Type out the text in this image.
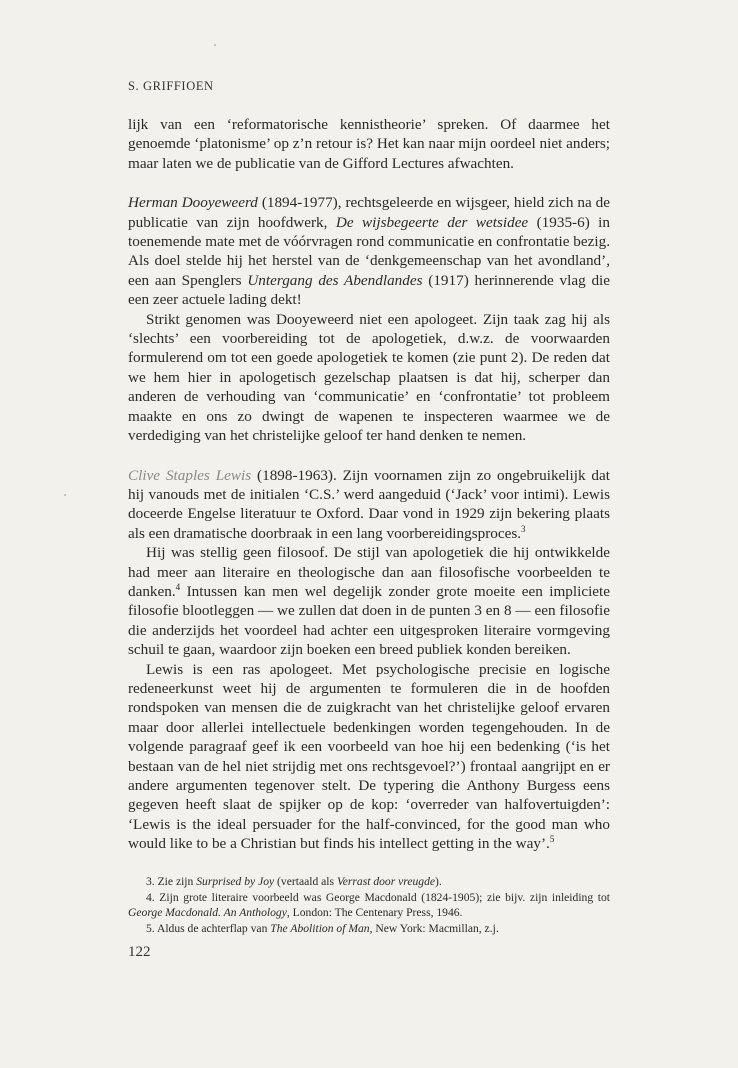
S. GRIFFIOEN

lijk van een ‘reformatorische kennistheorie’ spreken. Of daarmee het genoemde ‘platonisme’ op z’n retour is? Het kan naar mijn oordeel niet anders; maar laten we de publicatie van de Gifford Lectures afwachten.

Herman Dooyeweerd (1894-1977), rechtsgeleerde en wijsgeer, hield zich na de publicatie van zijn hoofdwerk, De wijsbegeerte der wetsidee (1935-6) in toenemende mate met de vóórvragen rond communicatie en confrontatie bezig. Als doel stelde hij het herstel van de ‘denkgemeenschap van het avondland’, een aan Spenglers Untergang des Abendlandes (1917) herinnerende vlag die een zeer actuele lading dekt!

Strikt genomen was Dooyeweerd niet een apologeet. Zijn taak zag hij als ‘slechts’ een voorbereiding tot de apologetiek, d.w.z. de voorwaarden formulerend om tot een goede apologetiek te komen (zie punt 2). De reden dat we hem hier in apologetisch gezelschap plaatsen is dat hij, scherper dan anderen de verhouding van ‘communicatie’ en ‘confrontatie’ tot probleem maakte en ons zo dwingt de wapenen te inspecteren waarmee we de verdediging van het christelijke geloof ter hand denken te nemen.

Clive Staples Lewis (1898-1963). Zijn voornamen zijn zo ongebruikelijk dat hij vanouds met de initialen ‘C.S.’ werd aangeduid (‘Jack’ voor intimi). Lewis doceerde Engelse literatuur te Oxford. Daar vond in 1929 zijn bekering plaats als een dramatische doorbraak in een lang voorbereidingsproces.$^3$

Hij was stellig geen filosoof. De stijl van apologetiek die hij ontwikkelde had meer aan literaire en theologische dan aan filosofische voorbeelden te danken.$^4$ Intussen kan men wel degelijk zonder grote moeite een impliciete filosofie blootleggen — we zullen dat doen in de punten 3 en 8 — een filosofie die anderzijds het voordeel had achter een uitgesproken literaire vormgeving schuil te gaan, waardoor zijn boeken een breed publiek konden bereiken.

Lewis is een ras apologeet. Met psychologische precisie en logische redeneerkunst weet hij de argumenten te formuleren die in de hoofden rondspoken van mensen die de zuigkracht van het christelijke geloof ervaren maar door allerlei intellectuele bedenkingen worden tegengehouden. In de volgende paragraaf geef ik een voorbeeld van hoe hij een bedenking (‘is het bestaan van de hel niet strijdig met ons rechtsgevoel?’) frontaal aangrijpt en er andere argumenten tegenover stelt. De typering die Anthony Burgess eens gegeven heeft slaat de spijker op de kop: ‘overreder van halfovertuigden’: ‘Lewis is the ideal persuader for the half-convinced, for the good man who would like to be a Christian but finds his intellect getting in the way’.$^5$

3. Zie zijn Surprised by Joy (vertaald als Verrast door vreugde).

4. Zijn grote literaire voorbeeld was George Macdonald (1824-1905); zie bijv. zijn inleiding tot George Macdonald. An Anthology, London: The Centenary Press, 1946.

5. Aldus de achterflap van The Abolition of Man, New York: Macmillan, z.j.

122
